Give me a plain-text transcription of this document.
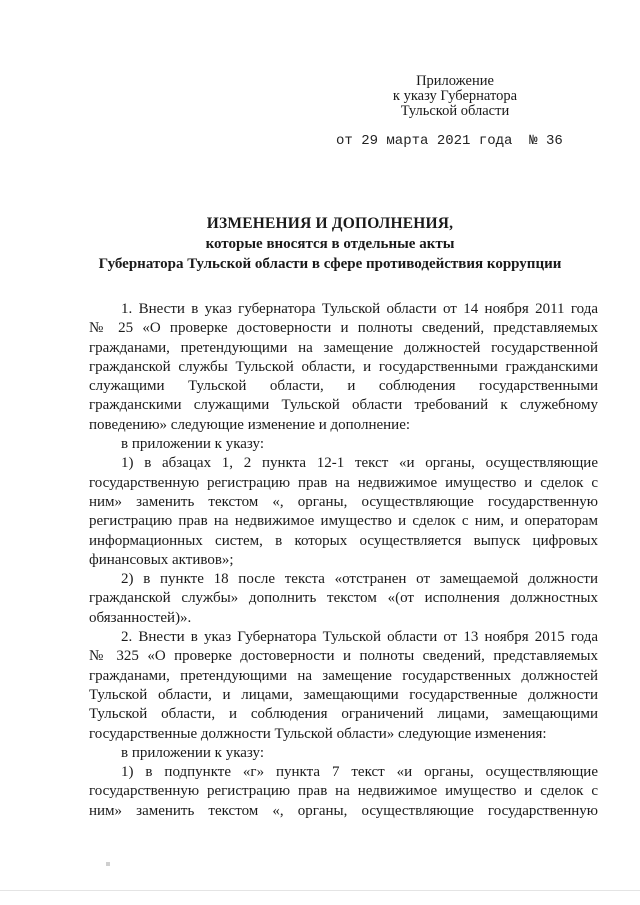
Приложение
к указу Губернатора
Тульской области
от 29 марта 2021 года  № 36
ИЗМЕНЕНИЯ И ДОПОЛНЕНИЯ,
которые вносятся в отдельные акты
Губернатора Тульской области в сфере противодействия коррупции
1. Внести в указ губернатора Тульской области от 14 ноября 2011 года
№ 25 «О проверке достоверности и полноты сведений, представляемых
гражданами, претендующими на замещение должностей государственной
гражданской службы Тульской области, и государственными гражданскими
служащими Тульской области, и соблюдения государственными
гражданскими служащими Тульской области требований к служебному
поведению» следующие изменение и дополнение:
в приложении к указу:
1) в абзацах 1, 2 пункта 12-1 текст «и органы, осуществляющие
государственную регистрацию прав на недвижимое имущество и сделок с
ним» заменить текстом «, органы, осуществляющие государственную
регистрацию прав на недвижимое имущество и сделок с ним, и операторам
информационных систем, в которых осуществляется выпуск цифровых
финансовых активов»;
2) в пункте 18 после текста «отстранен от замещаемой должности
гражданской службы» дополнить текстом «(от исполнения должностных
обязанностей)».
2. Внести в указ Губернатора Тульской области от 13 ноября 2015 года
№ 325 «О проверке достоверности и полноты сведений, представляемых
гражданами, претендующими на замещение государственных должностей
Тульской области, и лицами, замещающими государственные должности
Тульской области, и соблюдения ограничений лицами, замещающими
государственные должности Тульской области» следующие изменения:
в приложении к указу:
1) в подпункте «г» пункта 7 текст «и органы, осуществляющие
государственную регистрацию прав на недвижимое имущество и сделок с
ним» заменить текстом «, органы, осуществляющие государственную
